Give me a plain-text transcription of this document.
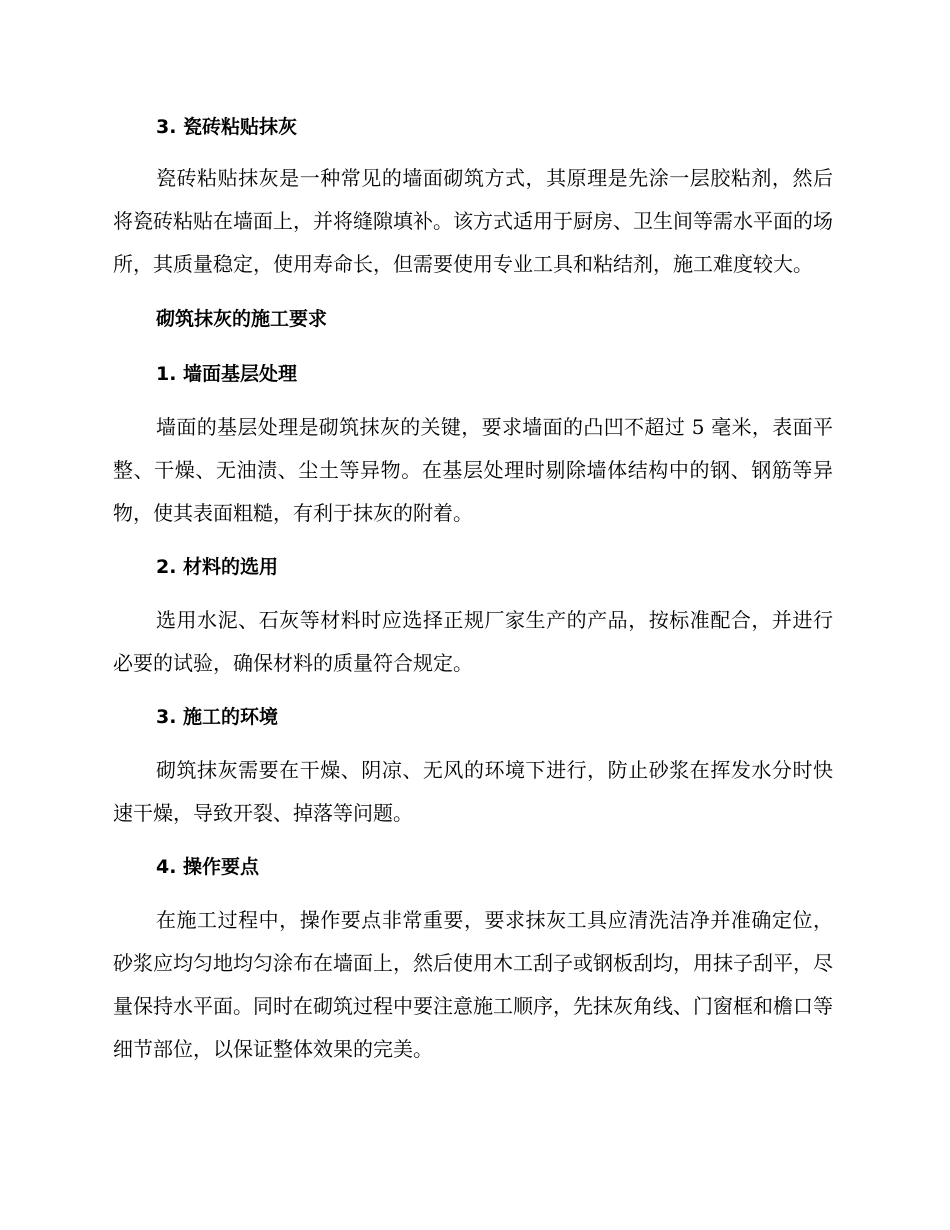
3. 瓷砖粘贴抹灰

瓷砖粘贴抹灰是一种常见的墙面砌筑方式，其原理是先涂一层胶粘剂，然后将瓷砖粘贴在墙面上，并将缝隙填补。该方式适用于厨房、卫生间等需水平面的场所，其质量稳定，使用寿命长，但需要使用专业工具和粘结剂，施工难度较大。

砌筑抹灰的施工要求
1. 墙面基层处理

墙面的基层处理是砌筑抹灰的关键，要求墙面的凸凹不超过 5 毫米，表面平整、干燥、无油渍、尘土等异物。在基层处理时剔除墙体结构中的钢、钢筋等异物，使其表面粗糙，有利于抹灰的附着。

2. 材料的选用

选用水泥、石灰等材料时应选择正规厂家生产的产品，按标准配合，并进行必要的试验，确保材料的质量符合规定。

3. 施工的环境

砌筑抹灰需要在干燥、阴凉、无风的环境下进行，防止砂浆在挥发水分时快速干燥，导致开裂、掉落等问题。

4. 操作要点

在施工过程中，操作要点非常重要，要求抹灰工具应清洗洁净并准确定位，砂浆应均匀地均匀涂布在墙面上，然后使用木工刮子或钢板刮均，用抹子刮平，尽量保持水平面。同时在砌筑过程中要注意施工顺序，先抹灰角线、门窗框和檐口等细节部位，以保证整体效果的完美。
